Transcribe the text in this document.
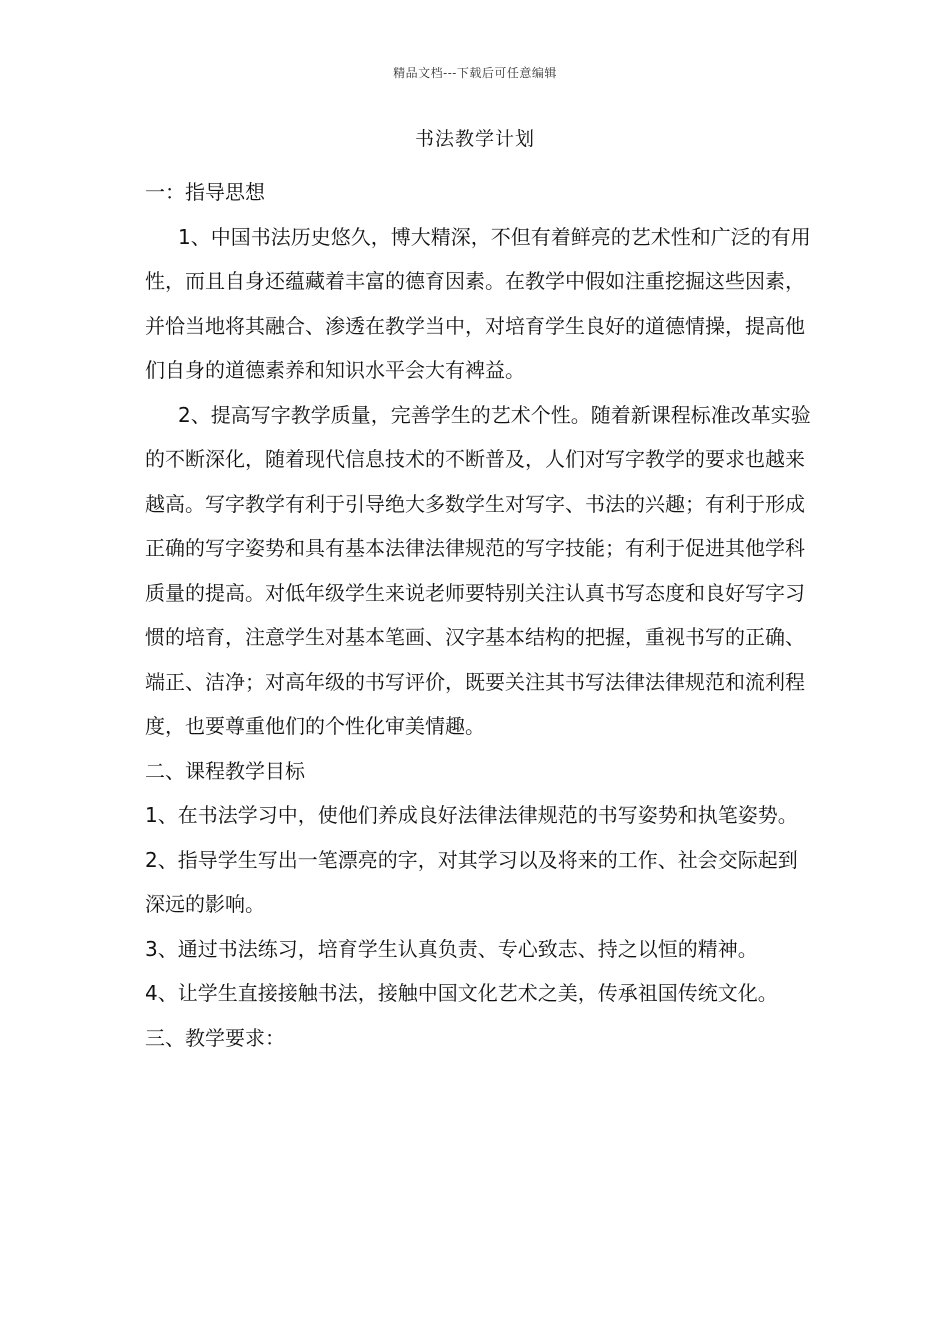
精品文档---下载后可任意编辑
书法教学计划

一：指导思想

1、中国书法历史悠久，博大精深，不但有着鲜亮的艺术性和广泛的有用性，而且自身还蕴藏着丰富的德育因素。在教学中假如注重挖掘这些因素，并恰当地将其融合、渗透在教学当中，对培育学生良好的道德情操，提高他们自身的道德素养和知识水平会大有裨益。

2、提高写字教学质量，完善学生的艺术个性。随着新课程标准改革实验的不断深化，随着现代信息技术的不断普及，人们对写字教学的要求也越来越高。写字教学有利于引导绝大多数学生对写字、书法的兴趣；有利于形成正确的写字姿势和具有基本法律法律规范的写字技能；有利于促进其他学科质量的提高。对低年级学生来说老师要特别关注认真书写态度和良好写字习惯的培育，注意学生对基本笔画、汉字基本结构的把握，重视书写的正确、端正、洁净；对高年级的书写评价，既要关注其书写法律法律规范和流利程度，也要尊重他们的个性化审美情趣。

二、课程教学目标

1、在书法学习中，使他们养成良好法律法律规范的书写姿势和执笔姿势。

2、指导学生写出一笔漂亮的字，对其学习以及将来的工作、社会交际起到深远的影响。

3、通过书法练习，培育学生认真负责、专心致志、持之以恒的精神。

4、让学生直接接触书法，接触中国文化艺术之美，传承祖国传统文化。

三、教学要求：
